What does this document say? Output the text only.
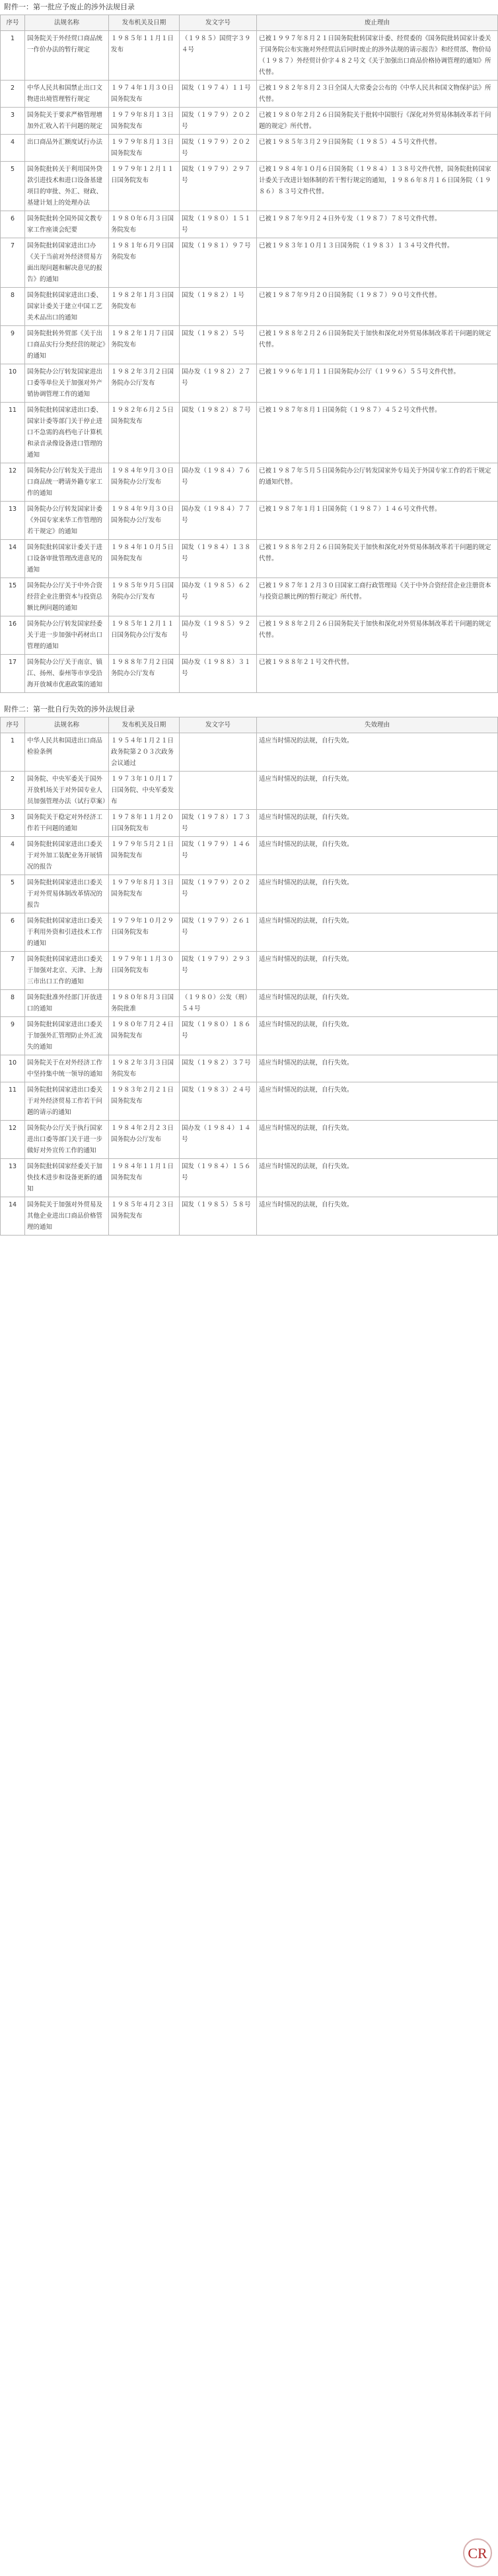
附件一：第一批应予废止的涉外法规目录
序号	法规名称	发布机关及日期	发文字号	废止理由
1	国务院关于外经贸口商品统一作价办法的暂行规定	１９８５年１１月１日发布	（１９８５）国贸字３９４号	已被１９９７年８月２１日国务院批转国家计委、经贸委的《国务院批转国家计委关于国务院公布实施对外经贸法后同时废止的涉外法规的请示报告》和经贸部、物价局（１９８７）外经贸计价字４８２号文《关于加强出口商品价格协调管理的通知》所代替。
2	中华人民共和国禁止出口文物进出境管理暂行规定	１９７４年１月３０日国务院发布	国发（１９７４）１１号	已被１９８２年８月２３日全国人大常委会公布的《中华人民共和国文物保护法》所代替。
3	国务院关于要求严格管理增加外汇收入若干问题的规定	１９７９年８月１３日国务院发布	国发（１９７９）２０２号	已被１９８０年２月２６日国务院关于批转中国银行《深化对外贸易体制改革若干问题的规定》所代替。
4	出口商品外汇额度试行办法	１９７９年８月１３日国务院发布	国发（１９７９）２０２号	已被１９８５年３月２９日国务院（１９８５）４５号文件代替。
5	国务院批转关于利用国外贷款引进技术和进口设备基建项目的审批、外汇、财政、基建计划上的处理办法	１９７９年１２月１１日国务院发布	国发（１９７９）２９７号	已被１９８４年１０月６日国务院（１９８４）１３８号文件代替，国务院批转国家计委关于改进计划体制的若干暂行规定的通知，１９８６年８月１６日国务院（１９８６）８３号文件代替。
6	国务院批转全国外国文教专家工作座谈会纪要	１９８０年６月３日国务院发布	国发（１９８０）１５１号	已被１９８７年９月２４日外专发（１９８７）７８号文件代替。
7	国务院批转国家进出口办《关于当前对外经济贸易方面出现问题和解决意见的报告》的通知	１９８１年６月９日国务院发布	国发（１９８１）９７号	已被１９８３年１０月１３日国务院（１９８３）１３４号文件代替。
8	国务院批转国家进出口委、国家计委关于建立中国工艺美术品出口的通知	１９８２年１月３日国务院发布	国发（１９８２）１号	已被１９８７年９月２０日国务院（１９８７）９０号文件代替。
9	国务院批转外贸部《关于出口商品实行分类经营的规定》的通知	１９８２年１月７日国务院发布	国发（１９８２）５号	已被１９８８年２月２６日国务院关于加快和深化对外贸易体制改革若干问题的规定代替。
10	国务院办公厅转发国家进出口委等单位关于加强对外产销协调管理工作的通知	１９８２年３月２日国务院办公厅发布	国办发（１９８２）２７号	已被１９９６年１月１１日国务院办公厅（１９９６）５５号文件代替。
11	国务院批转国家进出口委、国家计委等部门关于停止进口不急需的高档电子计算机和录音录像设备进口管理的通知	１９８２年６月２５日国务院发布	国发（１９８２）８７号	已被１９８７年８月１日国务院（１９８７）４５２号文件代替。
12	国务院办公厅转发关于进出口商品统一聘请外籍专家工作的通知	１９８４年９月３０日国务院办公厅发布	国办发（１９８４）７６号	已被１９８７年５月５日国务院办公厅转发国家外专局关于外国专家工作的若干规定的通知代替。
13	国务院办公厅转发国家计委《外国专家来华工作管理的若干规定》的通知	１９８４年９月３０日国务院办公厅发布	国办发（１９８４）７７号	已被１９８７年１月１日国务院（１９８７）１４６号文件代替。
14	国务院批转国家计委关于进口设备审批管理改进意见的通知	１９８４年１０月５日国务院发布	国发（１９８４）１３８号	已被１９８８年２月２６日国务院关于加快和深化对外贸易体制改革若干问题的规定代替。
15	国务院办公厅关于中外合资经营企业注册资本与投资总额比例问题的通知	１９８５年９月５日国务院办公厅发布	国办发（１９８５）６２号	已被１９８７年１２月３０日国家工商行政管理局《关于中外合资经营企业注册资本与投资总额比例的暂行规定》所代替。
16	国务院办公厅转发国家经委关于进一步加强中药材出口管理的通知	１９８５年１２月１１日国务院办公厅发布	国办发（１９８５）９２号	已被１９８８年２月２６日国务院关于加快和深化对外贸易体制改革若干问题的规定代替。
17	国务院办公厅关于南京、镇江、扬州、泰州等市享受沿海开放城市优惠政策的通知	１９８８年７月２日国务院办公厅发布	国办发（１９８８）３１号	已被１９８８年２１号文件代替。
附件二：第一批自行失效的涉外法规目录
序号	法规名称	发布机关及日期	发文字号	失效理由
1	中华人民共和国进出口商品检验条例	１９５４年１月２１日政务院第２０３次政务会议通过		适应当时情况的法规，自行失效。
2	国务院、中央军委关于国外开放机场关于对外国专业人员加强管理办法（试行草案）	１９７３年１０月１７日国务院、中央军委发布		适应当时情况的法规，自行失效。
3	国务院关于稳定对外经济工作若干问题的通知	１９７８年１１月２０日国务院发布	国发（１９７８）１７３号	适应当时情况的法规，自行失效。
4	国务院批转国家进出口委关于对外加工装配业务开展情况的报告	１９７９年５月２１日国务院发布	国发（１９７９）１４６号	适应当时情况的法规，自行失效。
5	国务院批转国家进出口委关于对外贸易体制改革情况的报告	１９７９年８月１３日国务院发布	国发（１９７９）２０２号	适应当时情况的法规，自行失效。
6	国务院批转国家进出口委关于利用外资和引进技术工作的通知	１９７９年１０月２９日国务院发布	国发（１９７９）２６１号	适应当时情况的法规，自行失效。
7	国务院批转国家进出口委关于加强对北京、天津、上海三市出口工作的通知	１９７９年１１月３０日国务院发布	国发（１９７９）２９３号	适应当时情况的法规，自行失效。
8	国务院批准外经部门开放进口的通知	１９８０年８月３日国务院批准	（１９８０）公发（刑）５４号	适应当时情况的法规，自行失效。
9	国务院批转国家进出口委关于加强外汇管理防止外汇流失的通知	１９８０年７月２４日国务院发布	国发（１９８０）１８６号	适应当时情况的法规，自行失效。
10	国务院关于在对外经济工作中坚持集中统一领导的通知	１９８２年３月３日国务院发布	国发（１９８２）３７号	适应当时情况的法规，自行失效。
11	国务院批转国家进出口委关于对外经济贸易工作若干问题的请示的通知	１９８３年２月２１日国务院发布	国发（１９８３）２４号	适应当时情况的法规，自行失效。
12	国务院办公厅关于执行国家进出口委等部门关于进一步做好对外宣传工作的通知	１９８４年２月２３日国务院办公厅发布	国办发（１９８４）１４号	适应当时情况的法规，自行失效。
13	国务院批转国家经委关于加快技术进步和设备更新的通知	１９８４年１１月１日国务院发布	国发（１９８４）１５６号	适应当时情况的法规，自行失效。
14	国务院关于加强对外贸易及其他企业进出口商品价格管理的通知	１９８５年４月２３日国务院发布	国发（１９８５）５８号	适应当时情况的法规，自行失效。
CR
